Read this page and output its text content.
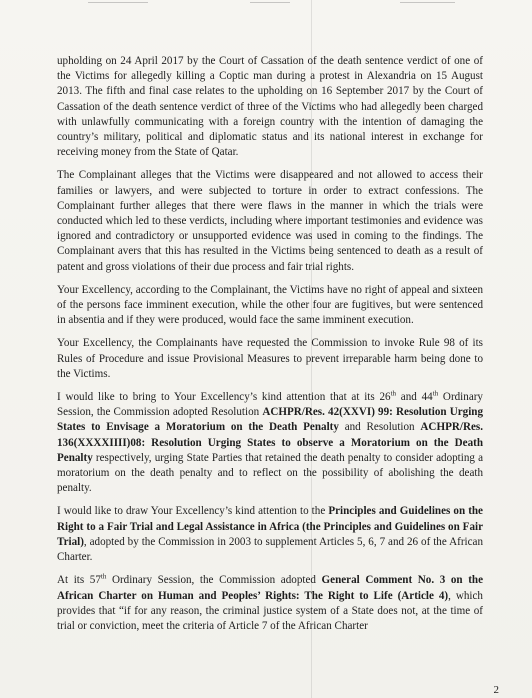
upholding on 24 April 2017 by the Court of Cassation of the death sentence verdict of one of the Victims for allegedly killing a Coptic man during a protest in Alexandria on 15 August 2013. The fifth and final case relates to the upholding on 16 September 2017 by the Court of Cassation of the death sentence verdict of three of the Victims who had allegedly been charged with unlawfully communicating with a foreign country with the intention of damaging the country’s military, political and diplomatic status and its national interest in exchange for receiving money from the State of Qatar.

The Complainant alleges that the Victims were disappeared and not allowed to access their families or lawyers, and were subjected to torture in order to extract confessions. The Complainant further alleges that there were flaws in the manner in which the trials were conducted which led to these verdicts, including where important testimonies and evidence was ignored and contradictory or unsupported evidence was used in coming to the findings. The Complainant avers that this has resulted in the Victims being sentenced to death as a result of patent and gross violations of their due process and fair trial rights.

Your Excellency, according to the Complainant, the Victims have no right of appeal and sixteen of the persons face imminent execution, while the other four are fugitives, but were sentenced in absentia and if they were produced, would face the same imminent execution.

Your Excellency, the Complainants have requested the Commission to invoke Rule 98 of its Rules of Procedure and issue Provisional Measures to prevent irreparable harm being done to the Victims.

I would like to bring to Your Excellency’s kind attention that at its 26th and 44th Ordinary Session, the Commission adopted Resolution ACHPR/Res. 42(XXVI) 99: Resolution Urging States to Envisage a Moratorium on the Death Penalty and Resolution ACHPR/Res. 136(XXXXIIII)08: Resolution Urging States to observe a Moratorium on the Death Penalty respectively, urging State Parties that retained the death penalty to consider adopting a moratorium on the death penalty and to reflect on the possibility of abolishing the death penalty.

I would like to draw Your Excellency’s kind attention to the Principles and Guidelines on the Right to a Fair Trial and Legal Assistance in Africa (the Principles and Guidelines on Fair Trial), adopted by the Commission in 2003 to supplement Articles 5, 6, 7 and 26 of the African Charter.

At its 57th Ordinary Session, the Commission adopted General Comment No. 3 on the African Charter on Human and Peoples’ Rights: The Right to Life (Article 4), which provides that “if for any reason, the criminal justice system of a State does not, at the time of trial or conviction, meet the criteria of Article 7 of the African Charter

2
